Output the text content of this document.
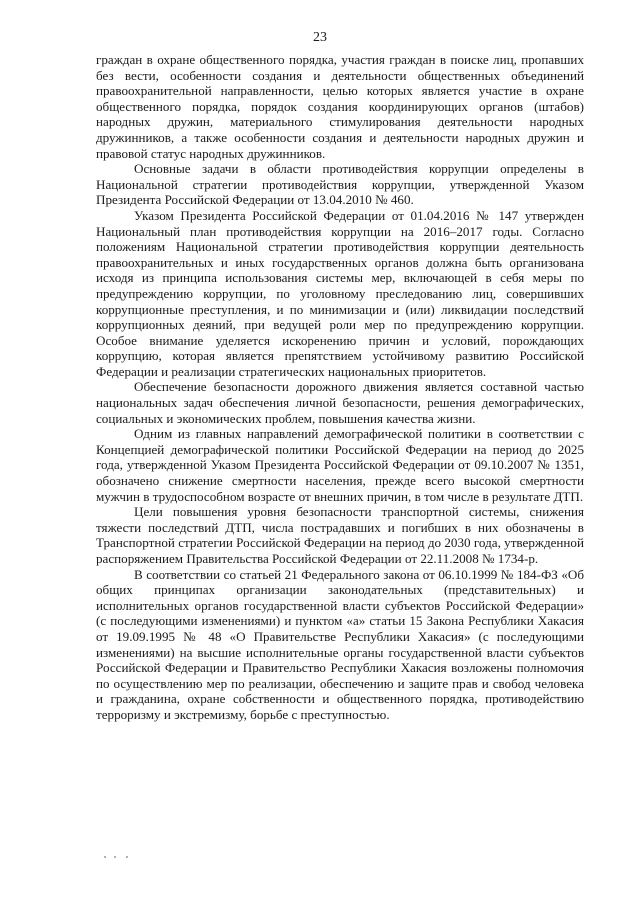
23

граждан в охране общественного порядка, участия граждан в поиске лиц, пропавших без вести, особенности создания и деятельности общественных объединений правоохранительной направленности, целью которых является участие в охране общественного порядка, порядок создания координирующих органов (штабов) народных дружин, материального стимулирования деятельности народных дружинников, а также особенности создания и деятельности народных дружин и правовой статус народных дружинников.

Основные задачи в области противодействия коррупции определены в Национальной стратегии противодействия коррупции, утвержденной Указом Президента Российской Федерации от 13.04.2010 № 460.

Указом Президента Российской Федерации от 01.04.2016 № 147 утвержден Национальный план противодействия коррупции на 2016–2017 годы. Согласно положениям Национальной стратегии противодействия коррупции деятельность правоохранительных и иных государственных органов должна быть организована исходя из принципа использования системы мер, включающей в себя меры по предупреждению коррупции, по уголовному преследованию лиц, совершивших коррупционные преступления, и по минимизации и (или) ликвидации последствий коррупционных деяний, при ведущей роли мер по предупреждению коррупции. Особое внимание уделяется искоренению причин и условий, порождающих коррупцию, которая является препятствием устойчивому развитию Российской Федерации и реализации стратегических национальных приоритетов.

Обеспечение безопасности дорожного движения является составной частью национальных задач обеспечения личной безопасности, решения демографических, социальных и экономических проблем, повышения качества жизни.

Одним из главных направлений демографической политики в соответствии с Концепцией демографической политики Российской Федерации на период до 2025 года, утвержденной Указом Президента Российской Федерации от 09.10.2007 № 1351, обозначено снижение смертности населения, прежде всего высокой смертности мужчин в трудоспособном возрасте от внешних причин, в том числе в результате ДТП.

Цели повышения уровня безопасности транспортной системы, снижения тяжести последствий ДТП, числа пострадавших и погибших в них обозначены в Транспортной стратегии Российской Федерации на период до 2030 года, утвержденной распоряжением Правительства Российской Федерации от 22.11.2008 № 1734-р.

В соответствии со статьей 21 Федерального закона от 06.10.1999 № 184-ФЗ «Об общих принципах организации законодательных (представительных) и исполнительных органов государственной власти субъектов Российской Федерации» (с последующими изменениями) и пунктом «а» статьи 15 Закона Республики Хакасия от 19.09.1995 № 48 «О Правительстве Республики Хакасия» (с последующими изменениями) на высшие исполнительные органы государственной власти субъектов Российской Федерации и Правительство Республики Хакасия возложены полномочия по осуществлению мер по реализации, обеспечению и защите прав и свобод человека и гражданина, охране собственности и общественного порядка, противодействию терроризму и экстремизму, борьбе с преступностью.
